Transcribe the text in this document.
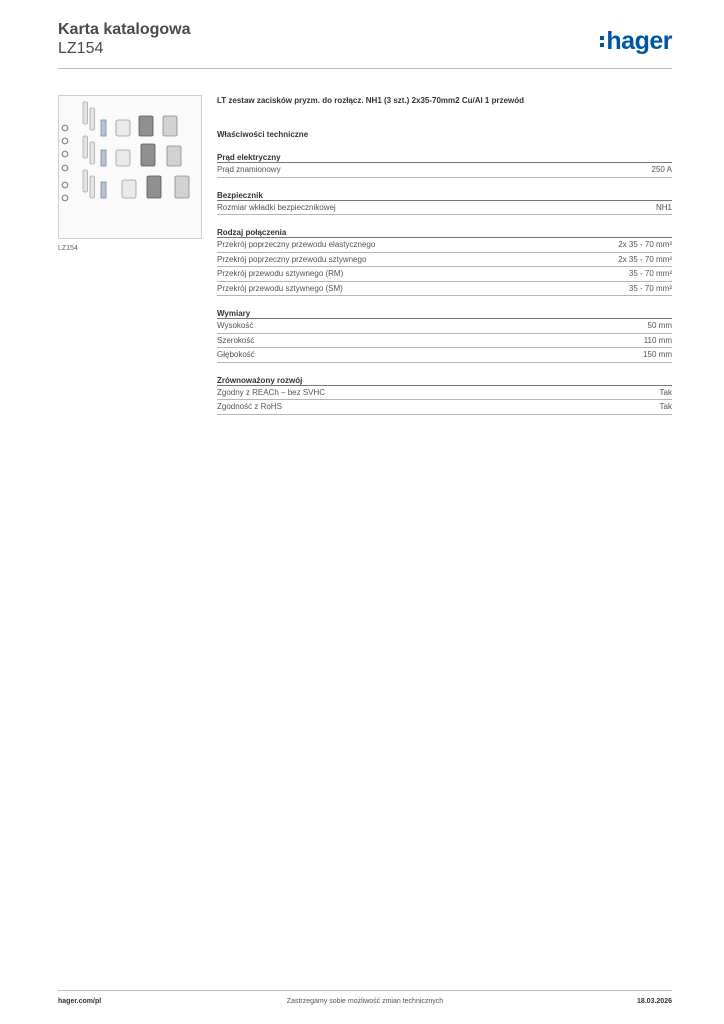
Karta katalogowa
LZ154	hager
LZ154
LT zestaw zacisków pryzm. do rozłącz. NH1 (3 szt.) 2x35-70mm2 Cu/Al 1 przewód
Właściwości techniczne
Prąd elektryczny
Prąd znamionowy	250 A
Bezpiecznik
Rozmiar wkładki bezpiecznikowej	NH1
Rodzaj połączenia
Przekrój poprzeczny przewodu elastycznego	2x 35 - 70 mm²
Przekrój poprzeczny przewodu sztywnego	2x 35 - 70 mm²
Przekrój przewodu sztywnego (RM)	35 - 70 mm²
Przekrój przewodu sztywnego (SM)	35 - 70 mm²
Wymiary
Wysokość	50 mm
Szerokość	110 mm
Głębokość	150 mm
Zrównoważony rozwój
Zgodny z REACh – bez SVHC	Tak
Zgodność z RoHS	Tak
hager.com/pl	Zastrzegamy sobie możliwość zmian technicznych	18.03.2026
